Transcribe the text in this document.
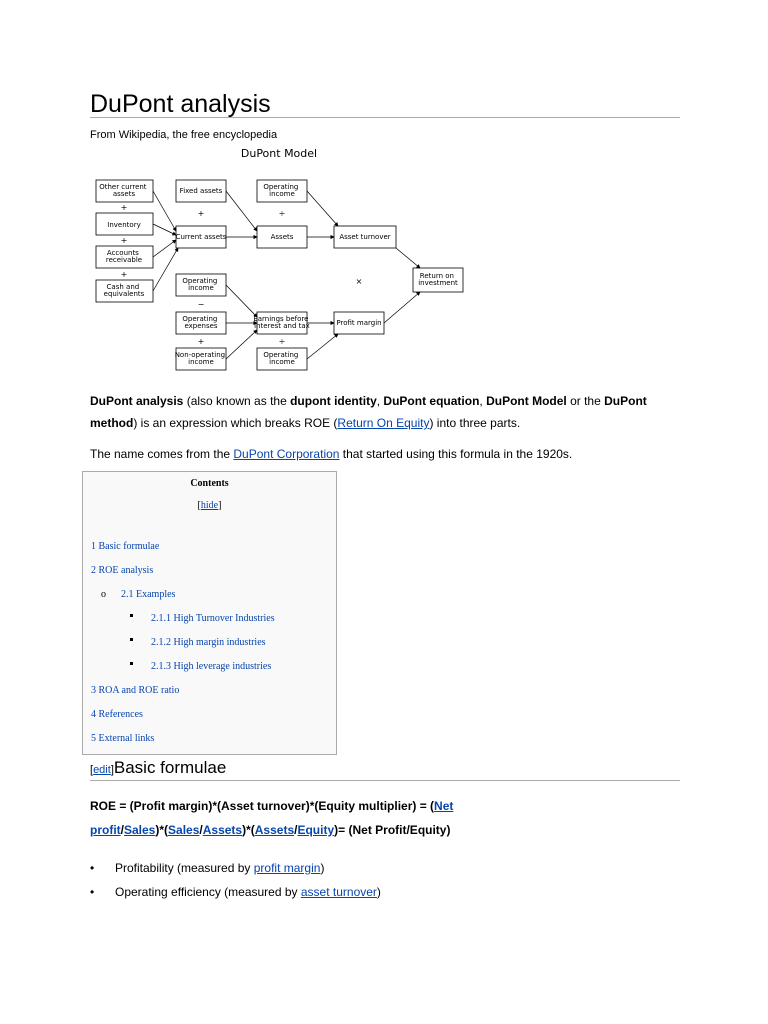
DuPont analysis
From Wikipedia, the free encyclopedia
DuPont Model
Other current assets
Inventory
Accounts receivable
Cash and equivalents
Fixed assets
Current assets
Operating income
Assets	Asset turnover
Return on investment
Operating income
Operating expenses
Earnings before interest and tax	Profit margin
Non-operating income
Operating income
+
+
+
+	÷
×
−
+	÷

DuPont analysis (also known as the dupont identity, DuPont equation, DuPont Model or the DuPont method) is an expression which breaks ROE (Return On Equity) into three parts.

The name comes from the DuPont Corporation that started using this formula in the 1920s.

Contents
[hide]
1 Basic formulae
2 ROE analysis
o 2.1 Examples
2.1.1 High Turnover Industries
2.1.2 High margin industries
2.1.3 High leverage industries
3 ROA and ROE ratio
4 References
5 External links
[edit]Basic formulae
ROE = (Profit margin)*(Asset turnover)*(Equity multiplier) = (Net
profit/Sales)*(Sales/Assets)*(Assets/Equity)= (Net Profit/Equity)
• Profitability (measured by profit margin)
• Operating efficiency (measured by asset turnover)
